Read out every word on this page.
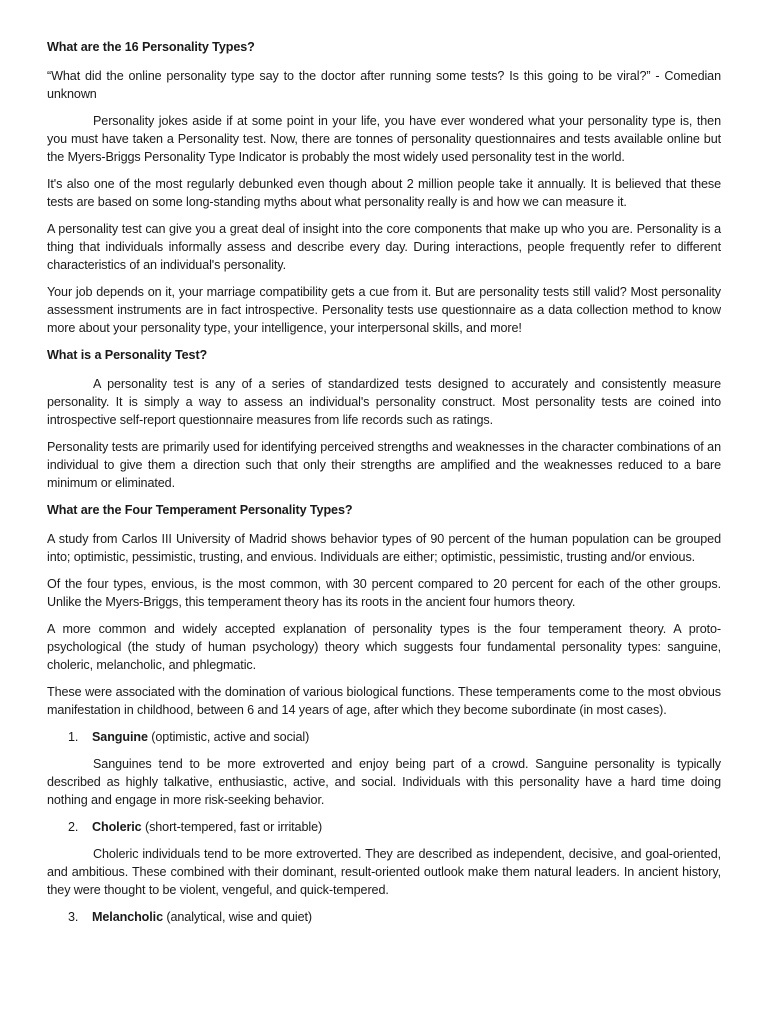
What are the 16 Personality Types?

“What did the online personality type say to the doctor after running some tests? Is this going to be viral?” - Comedian unknown

Personality jokes aside if at some point in your life, you have ever wondered what your personality type is, then you must have taken a Personality test. Now, there are tonnes of personality questionnaires and tests available online but the Myers-Briggs Personality Type Indicator is probably the most widely used personality test in the world.

It's also one of the most regularly debunked even though about 2 million people take it annually. It is believed that these tests are based on some long-standing myths about what personality really is and how we can measure it.

A personality test can give you a great deal of insight into the core components that make up who you are. Personality is a thing that individuals informally assess and describe every day. During interactions, people frequently refer to different characteristics of an individual's personality.

Your job depends on it, your marriage compatibility gets a cue from it. But are personality tests still valid? Most personality assessment instruments are in fact introspective. Personality tests use questionnaire as a data collection method to know more about your personality type, your intelligence, your interpersonal skills, and more!

What is a Personality Test?

A personality test is any of a series of standardized tests designed to accurately and consistently measure personality. It is simply a way to assess an individual's personality construct. Most personality tests are coined into introspective self-report questionnaire measures from life records such as ratings.

Personality tests are primarily used for identifying perceived strengths and weaknesses in the character combinations of an individual to give them a direction such that only their strengths are amplified and the weaknesses reduced to a bare minimum or eliminated.

What are the Four Temperament Personality Types?

A study from Carlos III University of Madrid shows behavior types of 90 percent of the human population can be grouped into; optimistic, pessimistic, trusting, and envious. Individuals are either; optimistic, pessimistic, trusting and/or envious.

Of the four types, envious, is the most common, with 30 percent compared to 20 percent for each of the other groups. Unlike the Myers-Briggs, this temperament theory has its roots in the ancient four humors theory.

A more common and widely accepted explanation of personality types is the four temperament theory. A proto-psychological (the study of human psychology) theory which suggests four fundamental personality types: sanguine, choleric, melancholic, and phlegmatic.

These were associated with the domination of various biological functions. These temperaments come to the most obvious manifestation in childhood, between 6 and 14 years of age, after which they become subordinate (in most cases).

1.	Sanguine (optimistic, active and social)

Sanguines tend to be more extroverted and enjoy being part of a crowd. Sanguine personality is typically described as highly talkative, enthusiastic, active, and social. Individuals with this personality have a hard time doing nothing and engage in more risk-seeking behavior.

2.	Choleric (short-tempered, fast or irritable)

Choleric individuals tend to be more extroverted. They are described as independent, decisive, and goal-oriented, and ambitious. These combined with their dominant, result-oriented outlook make them natural leaders. In ancient history, they were thought to be violent, vengeful, and quick-tempered.

3.	Melancholic (analytical, wise and quiet)
